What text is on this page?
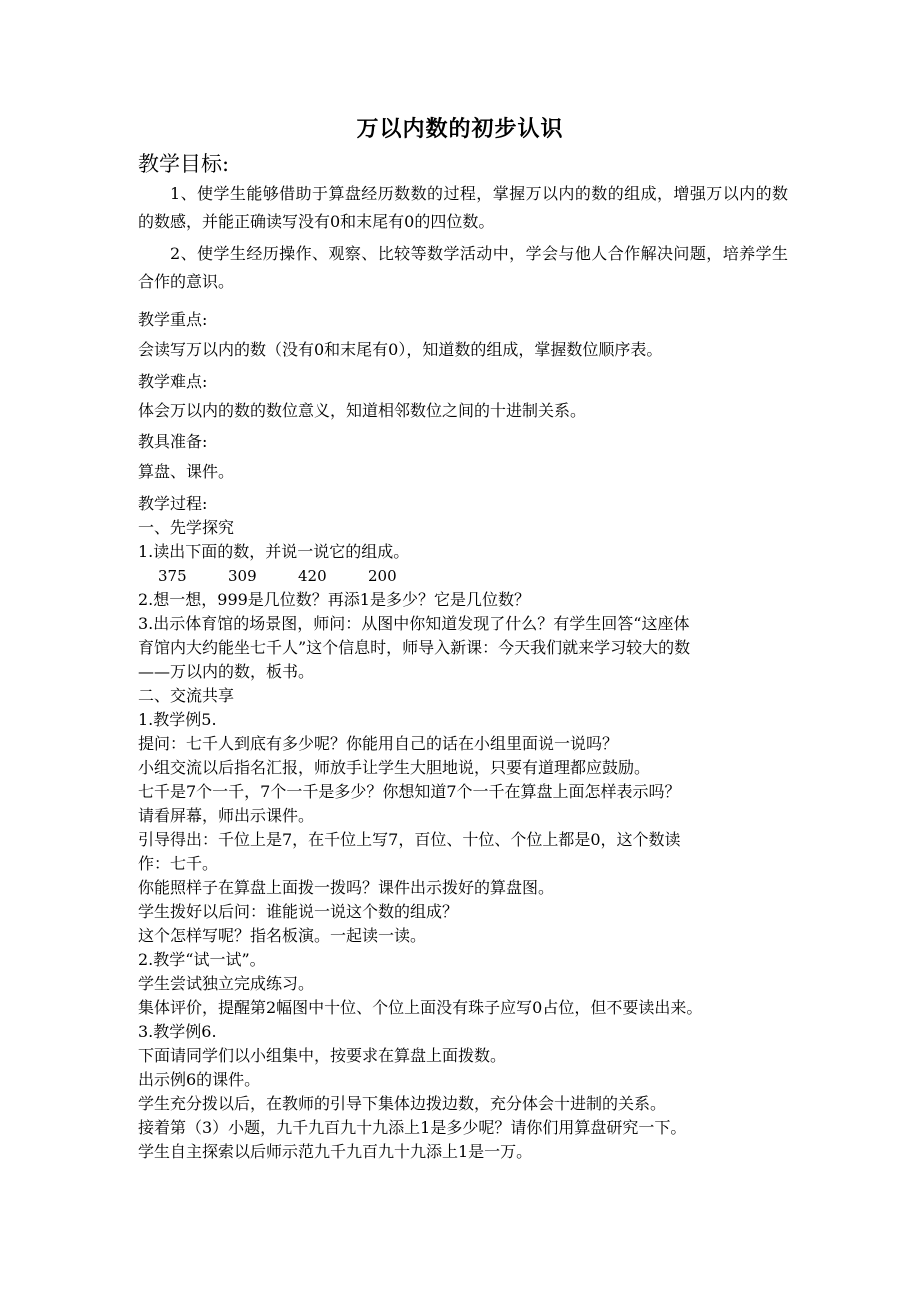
万以内数的初步认识
教学目标:
1、使学生能够借助于算盘经历数数的过程，掌握万以内的数的组成，增强万以内的数的数感，并能正确读写没有0和末尾有0的四位数。
2、使学生经历操作、观察、比较等数学活动中，学会与他人合作解决问题，培养学生合作的意识。
教学重点:
会读写万以内的数（没有0和末尾有0），知道数的组成，掌握数位顺序表。
教学难点:
体会万以内的数的数位意义，知道相邻数位之间的十进制关系。
教具准备:
算盘、课件。
教学过程:
一、先学探究
1.读出下面的数，并说一说它的组成。
375	309	420	200
2.想一想，999是几位数？再添1是多少？它是几位数？
3.出示体育馆的场景图，师问：从图中你知道发现了什么？有学生回答“这座体
育馆内大约能坐七千人”这个信息时，师导入新课：今天我们就来学习较大的数
——万以内的数，板书。
二、交流共享
1.教学例5.
提问：七千人到底有多少呢？你能用自己的话在小组里面说一说吗？
小组交流以后指名汇报，师放手让学生大胆地说，只要有道理都应鼓励。
七千是7个一千，7个一千是多少？你想知道7个一千在算盘上面怎样表示吗？
请看屏幕，师出示课件。
引导得出：千位上是7，在千位上写7，百位、十位、个位上都是0，这个数读
作：七千。
你能照样子在算盘上面拨一拨吗？课件出示拨好的算盘图。
学生拨好以后问：谁能说一说这个数的组成？
这个怎样写呢？指名板演。一起读一读。
2.教学“试一试”。
学生尝试独立完成练习。
集体评价，提醒第2幅图中十位、个位上面没有珠子应写0占位，但不要读出来。
3.教学例6.
下面请同学们以小组集中，按要求在算盘上面拨数。
出示例6的课件。
学生充分拨以后，在教师的引导下集体边拨边数，充分体会十进制的关系。
接着第（3）小题，九千九百九十九添上1是多少呢？请你们用算盘研究一下。
学生自主探索以后师示范九千九百九十九添上1是一万。
